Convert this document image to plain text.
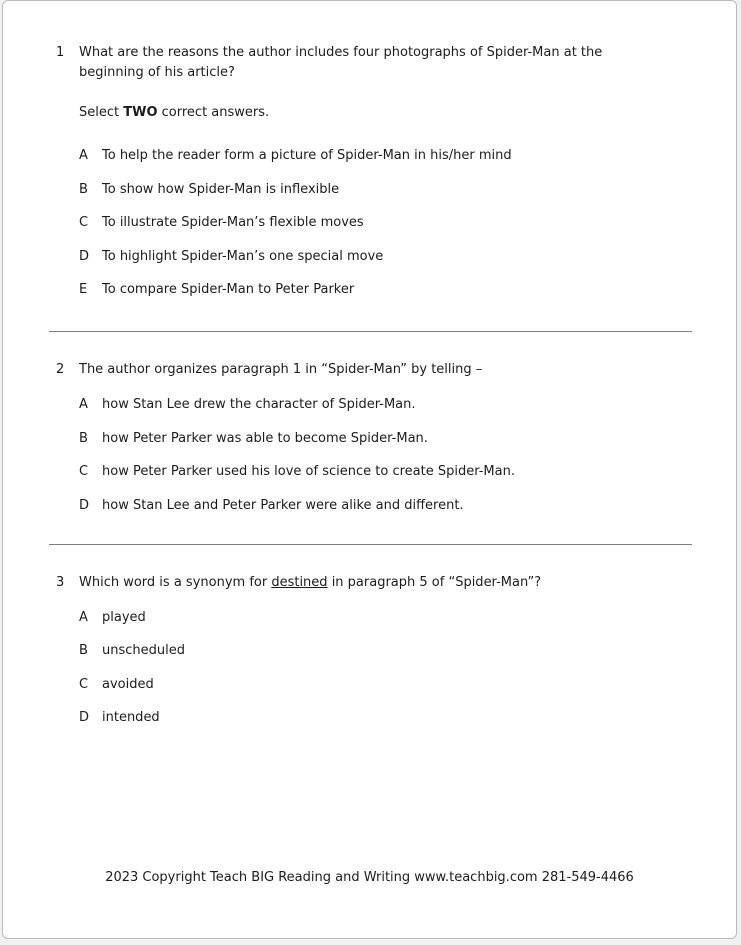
1	What are the reasons the author includes four photographs of Spider-Man at the beginning of his article?
Select TWO correct answers.
A	To help the reader form a picture of Spider-Man in his/her mind
B	To show how Spider-Man is inflexible
C	To illustrate Spider-Man’s flexible moves
D To highlight Spider-Man’s one special move
E	To compare Spider-Man to Peter Parker
2	The author organizes paragraph 1 in “Spider-Man” by telling –
A	how Stan Lee drew the character of Spider-Man.
B	how Peter Parker was able to become Spider-Man.
C	how Peter Parker used his love of science to create Spider-Man.
D how Stan Lee and Peter Parker were alike and different.
3	Which word is a synonym for destined in paragraph 5 of “Spider-Man”?
A	played
B	unscheduled
C	avoided
D intended
2023 Copyright Teach BIG Reading and Writing www.teachbig.com 281-549-4466
